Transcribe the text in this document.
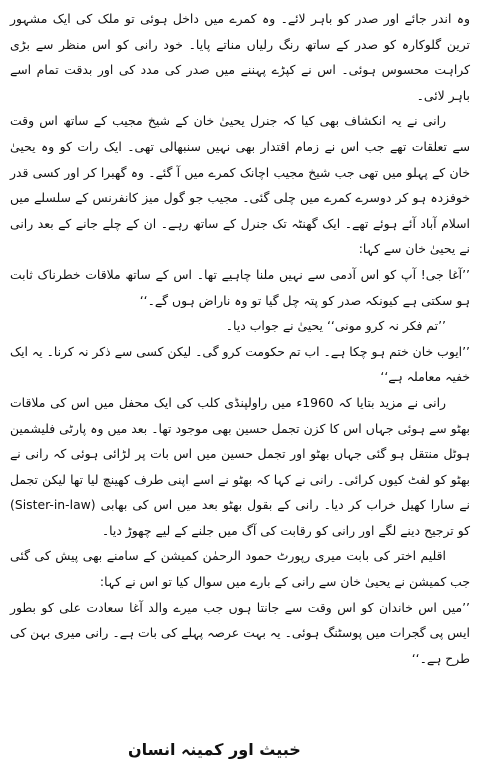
وہ اندر جائے اور صدر کو باہر لائے۔ وہ کمرے میں داخل ہوئی تو ملک کی ایک مشہور ترین گلوکارہ کو صدر کے ساتھ رنگ رلیاں مناتے پایا۔ خود رانی کو اس منظر سے بڑی کراہت محسوس ہوئی۔ اس نے کپڑے پہننے میں صدر کی مدد کی اور بدقت تمام اسے باہر لائی۔

رانی نے یہ انکشاف بھی کیا کہ جنرل یحییٰ خان کے شیخ مجیب کے ساتھ اس وقت سے تعلقات تھے جب اس نے زمام اقتدار بھی نہیں سنبھالی تھی۔ ایک رات کو وہ یحییٰ خان کے پہلو میں تھی جب شیخ مجیب اچانک کمرے میں آ گئے۔ وہ گھبرا کر اور کسی قدر خوفزدہ ہو کر دوسرے کمرے میں چلی گئی۔ مجیب جو گول میز کانفرنس کے سلسلے میں اسلام آباد آئے ہوئے تھے۔ ایک گھنٹہ تک جنرل کے ساتھ رہے۔ ان کے چلے جانے کے بعد رانی نے یحییٰ خان سے کہا:

’’آغا جی! آپ کو اس آدمی سے نہیں ملنا چاہیے تھا۔ اس کے ساتھ ملاقات خطرناک ثابت ہو سکتی ہے کیونکہ صدر کو پتہ چل گیا تو وہ ناراض ہوں گے۔‘‘

’’تم فکر نہ کرو مونی‘‘ یحییٰ نے جواب دیا۔

’’ایوب خان ختم ہو چکا ہے۔ اب تم حکومت کرو گی۔ لیکن کسی سے ذکر نہ کرنا۔ یہ ایک خفیہ معاملہ ہے‘‘

رانی نے مزید بتایا کہ 1960ء میں راولپنڈی کلب کی ایک محفل میں اس کی ملاقات بھٹو سے ہوئی جہاں اس کا کزن تجمل حسین بھی موجود تھا۔ بعد میں وہ پارٹی فلیشمین ہوٹل منتقل ہو گئی جہاں بھٹو اور تجمل حسین میں اس بات پر لڑائی ہوئی کہ رانی نے بھٹو کو لفٹ کیوں کرائی۔ رانی نے کہا کہ بھٹو نے اسے اپنی طرف کھینچ لیا تھا لیکن تجمل نے سارا کھیل خراب کر دیا۔ رانی کے بقول بھٹو بعد میں اس کی بھابی (Sister-in-law) کو ترجیح دینے لگے اور رانی کو رقابت کی آگ میں جلنے کے لیے چھوڑ دیا۔

اقلیم اختر کی بابت میری رپورٹ حمود الرحمٰن کمیشن کے سامنے بھی پیش کی گئی جب کمیشن نے یحییٰ خان سے رانی کے بارے میں سوال کیا تو اس نے کہا:

’’میں اس خاندان کو اس وقت سے جانتا ہوں جب میرے والد آغا سعادت علی کو بطور ایس پی گجرات میں پوسٹنگ ہوئی۔ یہ بہت عرصہ پہلے کی بات ہے۔ رانی میری بہن کی طرح ہے۔‘‘

خبیث اور کمینہ انسان
